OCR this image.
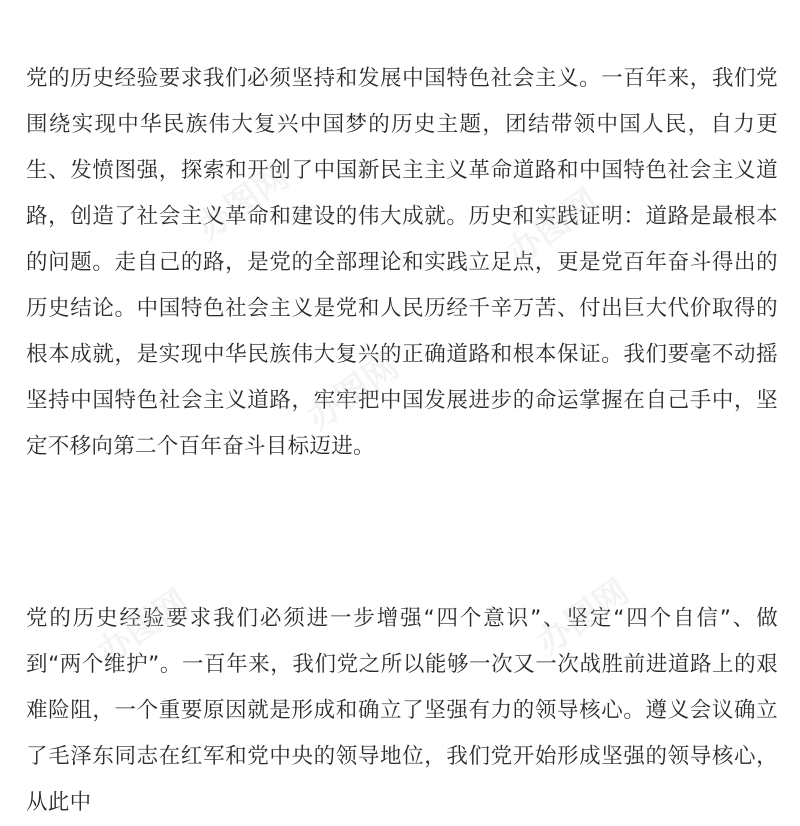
党的历史经验要求我们必须坚持和发展中国特色社会主义。一百年来，我们党围绕实现中华民族伟大复兴中国梦的历史主题，团结带领中国人民，自力更生、发愤图强，探索和开创了中国新民主主义革命道路和中国特色社会主义道路，创造了社会主义革命和建设的伟大成就。历史和实践证明：道路是最根本的问题。走自己的路，是党的全部理论和实践立足点，更是党百年奋斗得出的历史结论。中国特色社会主义是党和人民历经千辛万苦、付出巨大代价取得的根本成就，是实现中华民族伟大复兴的正确道路和根本保证。我们要毫不动摇坚持中国特色社会主义道路，牢牢把中国发展进步的命运掌握在自己手中，坚定不移向第二个百年奋斗目标迈进。

党的历史经验要求我们必须进一步增强“四个意识”、坚定“四个自信”、做到“两个维护”。一百年来，我们党之所以能够一次又一次战胜前进道路上的艰难险阻，一个重要原因就是形成和确立了坚强有力的领导核心。遵义会议确立了毛泽东同志在红军和党中央的领导地位，我们党开始形成坚强的领导核心，从此中

办图网	办图网
办图网
办图网	办图网
